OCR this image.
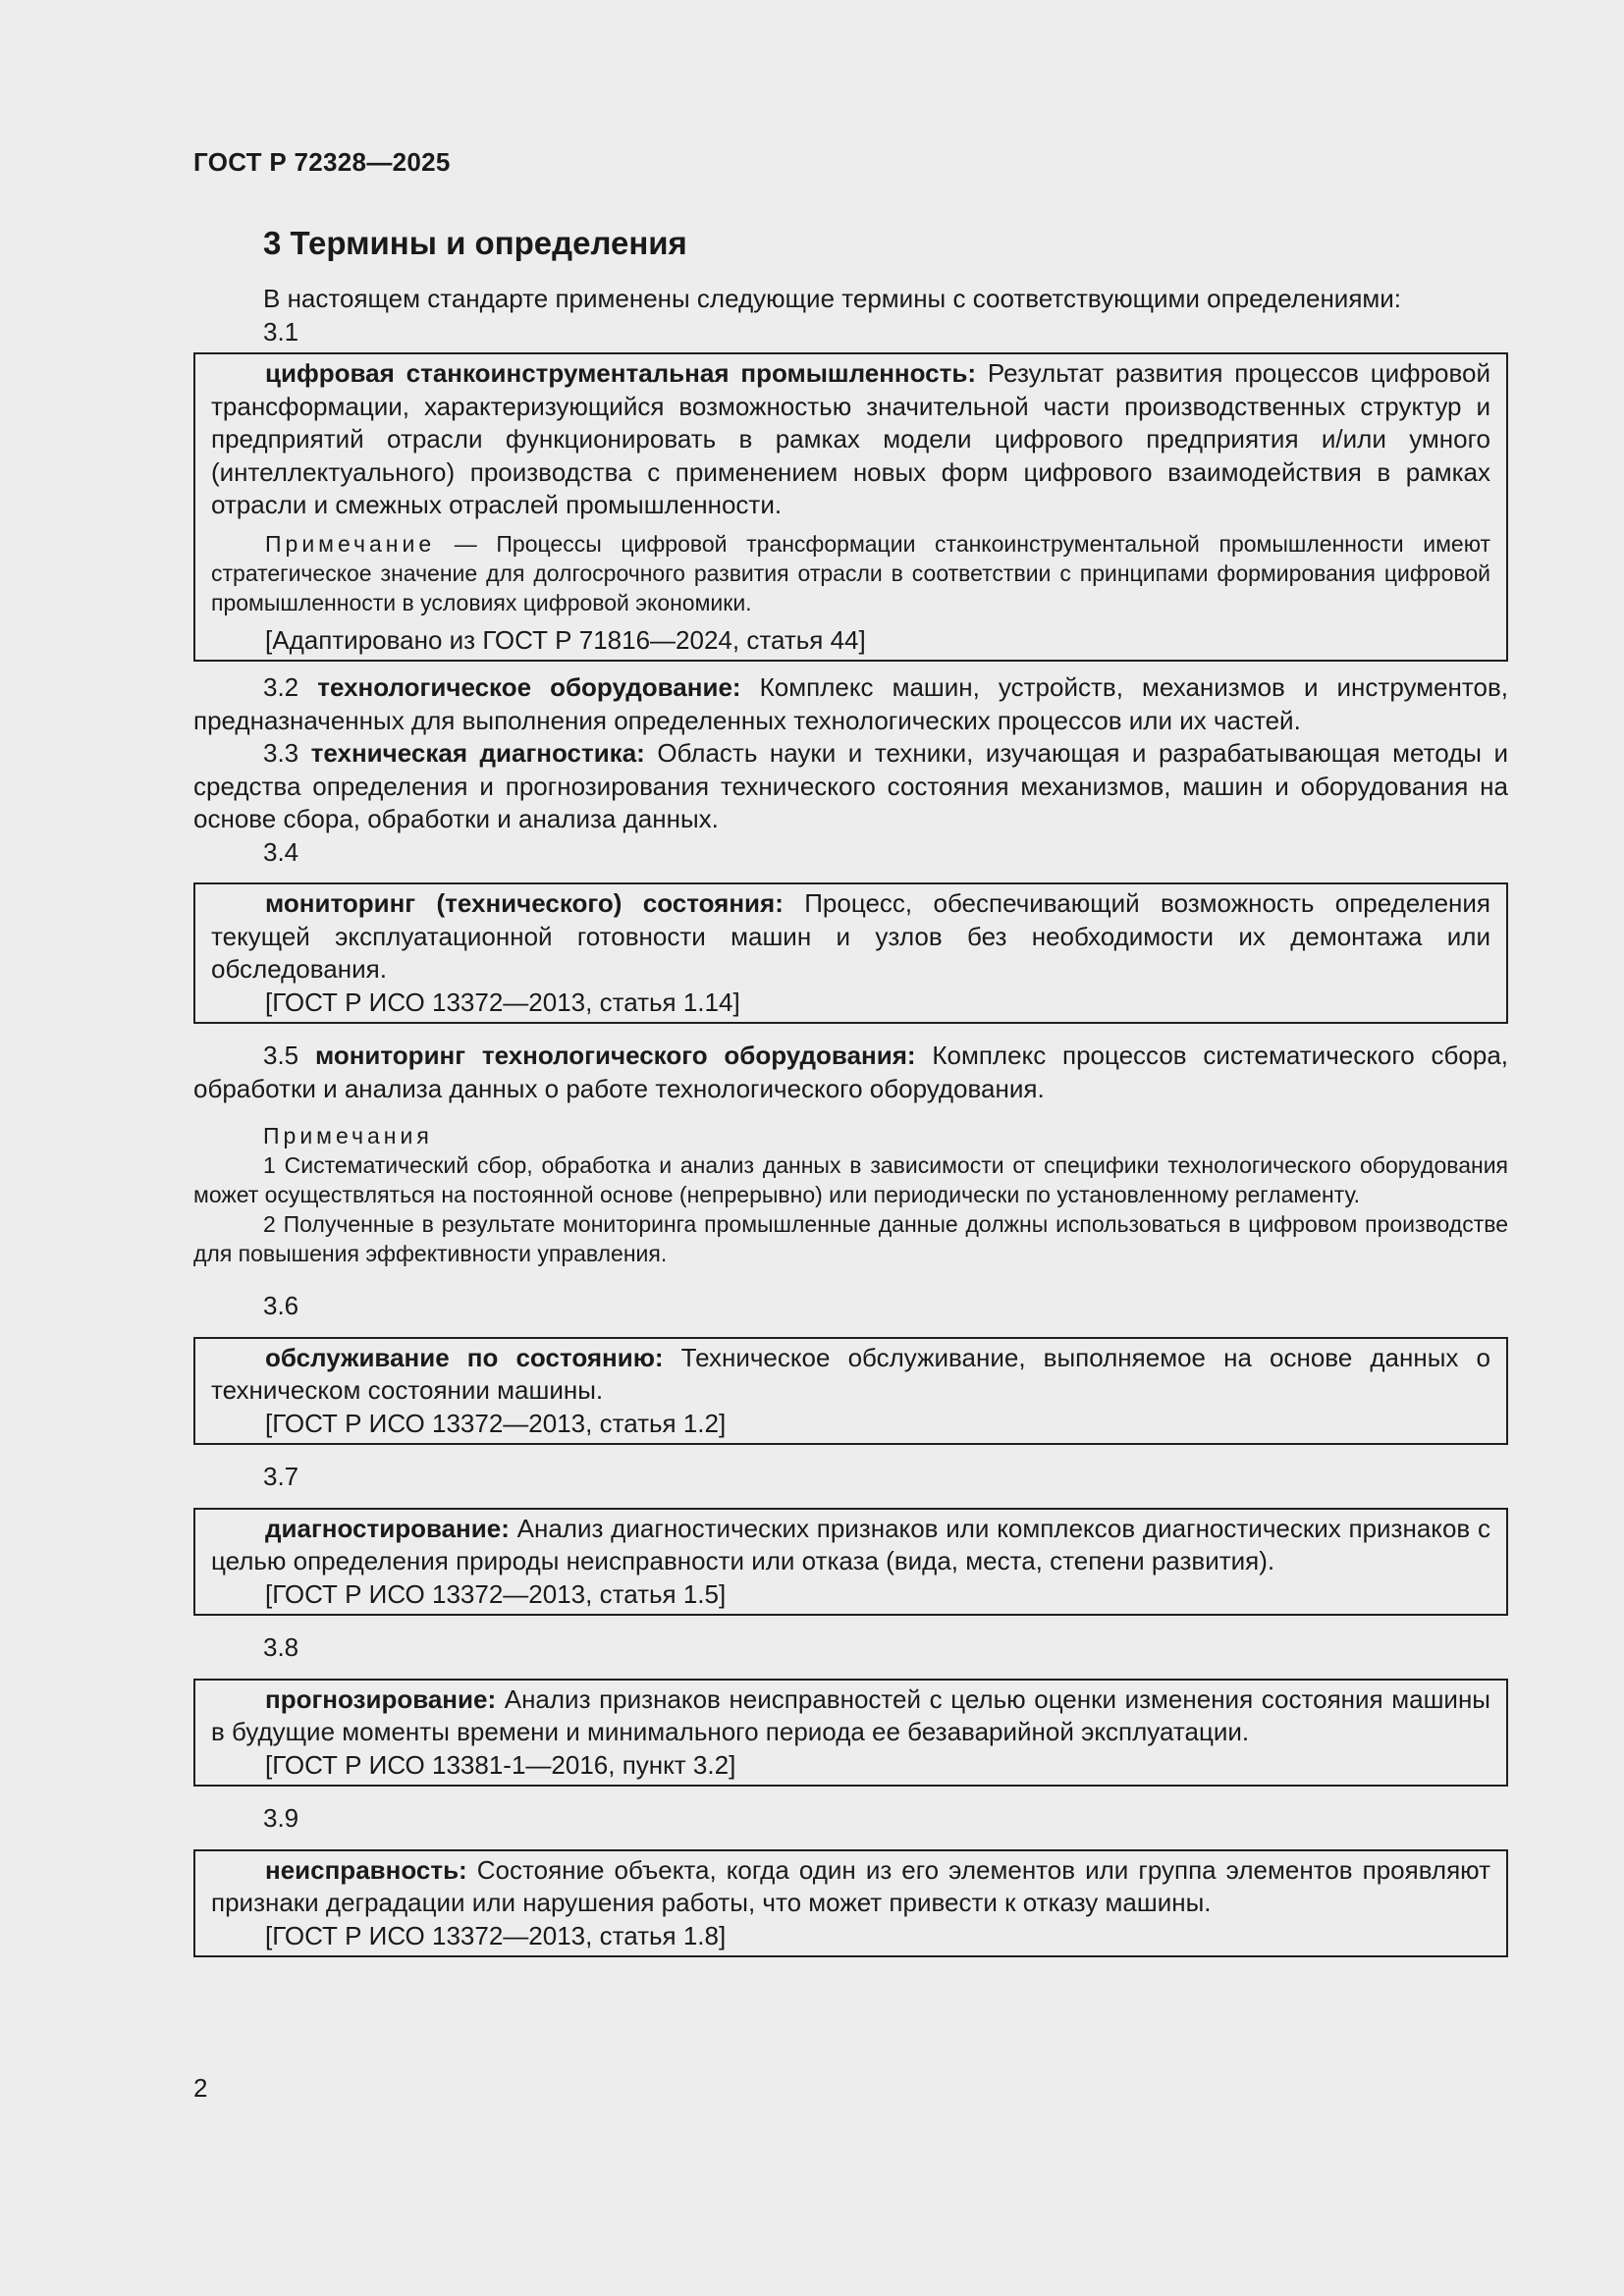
ГОСТ Р 72328—2025
3 Термины и определения

В настоящем стандарте применены следующие термины с соответствующими определениями:

3.1

цифровая станкоинструментальная промышленность: Результат развития процессов цифровой трансформации, характеризующийся возможностью значительной части производственных структур и предприятий отрасли функционировать в рамках модели цифрового предприятия и/или умного (интеллектуального) производства с применением новых форм цифрового взаимодействия в рамках отрасли и смежных отраслей промышленности.

Примечание — Процессы цифровой трансформации станкоинструментальной промышленности имеют стратегическое значение для долгосрочного развития отрасли в соответствии с принципами формирования цифровой промышленности в условиях цифровой экономики.

[Адаптировано из ГОСТ Р 71816—2024, статья 44]

3.2 технологическое оборудование: Комплекс машин, устройств, механизмов и инструментов, предназначенных для выполнения определенных технологических процессов или их частей.

3.3 техническая диагностика: Область науки и техники, изучающая и разрабатывающая методы и средства определения и прогнозирования технического состояния механизмов, машин и оборудования на основе сбора, обработки и анализа данных.

3.4

мониторинг (технического) состояния: Процесс, обеспечивающий возможность определения текущей эксплуатационной готовности машин и узлов без необходимости их демонтажа или обследования.

[ГОСТ Р ИСО 13372—2013, статья 1.14]

3.5 мониторинг технологического оборудования: Комплекс процессов систематического сбора, обработки и анализа данных о работе технологического оборудования.

Примечания

1 Систематический сбор, обработка и анализ данных в зависимости от специфики технологического оборудования может осуществляться на постоянной основе (непрерывно) или периодически по установленному регламенту.

2 Полученные в результате мониторинга промышленные данные должны использоваться в цифровом производстве для повышения эффективности управления.

3.6

обслуживание по состоянию: Техническое обслуживание, выполняемое на основе данных о техническом состоянии машины.

[ГОСТ Р ИСО 13372—2013, статья 1.2]

3.7

диагностирование: Анализ диагностических признаков или комплексов диагностических признаков с целью определения природы неисправности или отказа (вида, места, степени развития).

[ГОСТ Р ИСО 13372—2013, статья 1.5]

3.8

прогнозирование: Анализ признаков неисправностей с целью оценки изменения состояния машины в будущие моменты времени и минимального периода ее безаварийной эксплуатации.

[ГОСТ Р ИСО 13381-1—2016, пункт 3.2]

3.9

неисправность: Состояние объекта, когда один из его элементов или группа элементов проявляют признаки деградации или нарушения работы, что может привести к отказу машины.

[ГОСТ Р ИСО 13372—2013, статья 1.8]

2
